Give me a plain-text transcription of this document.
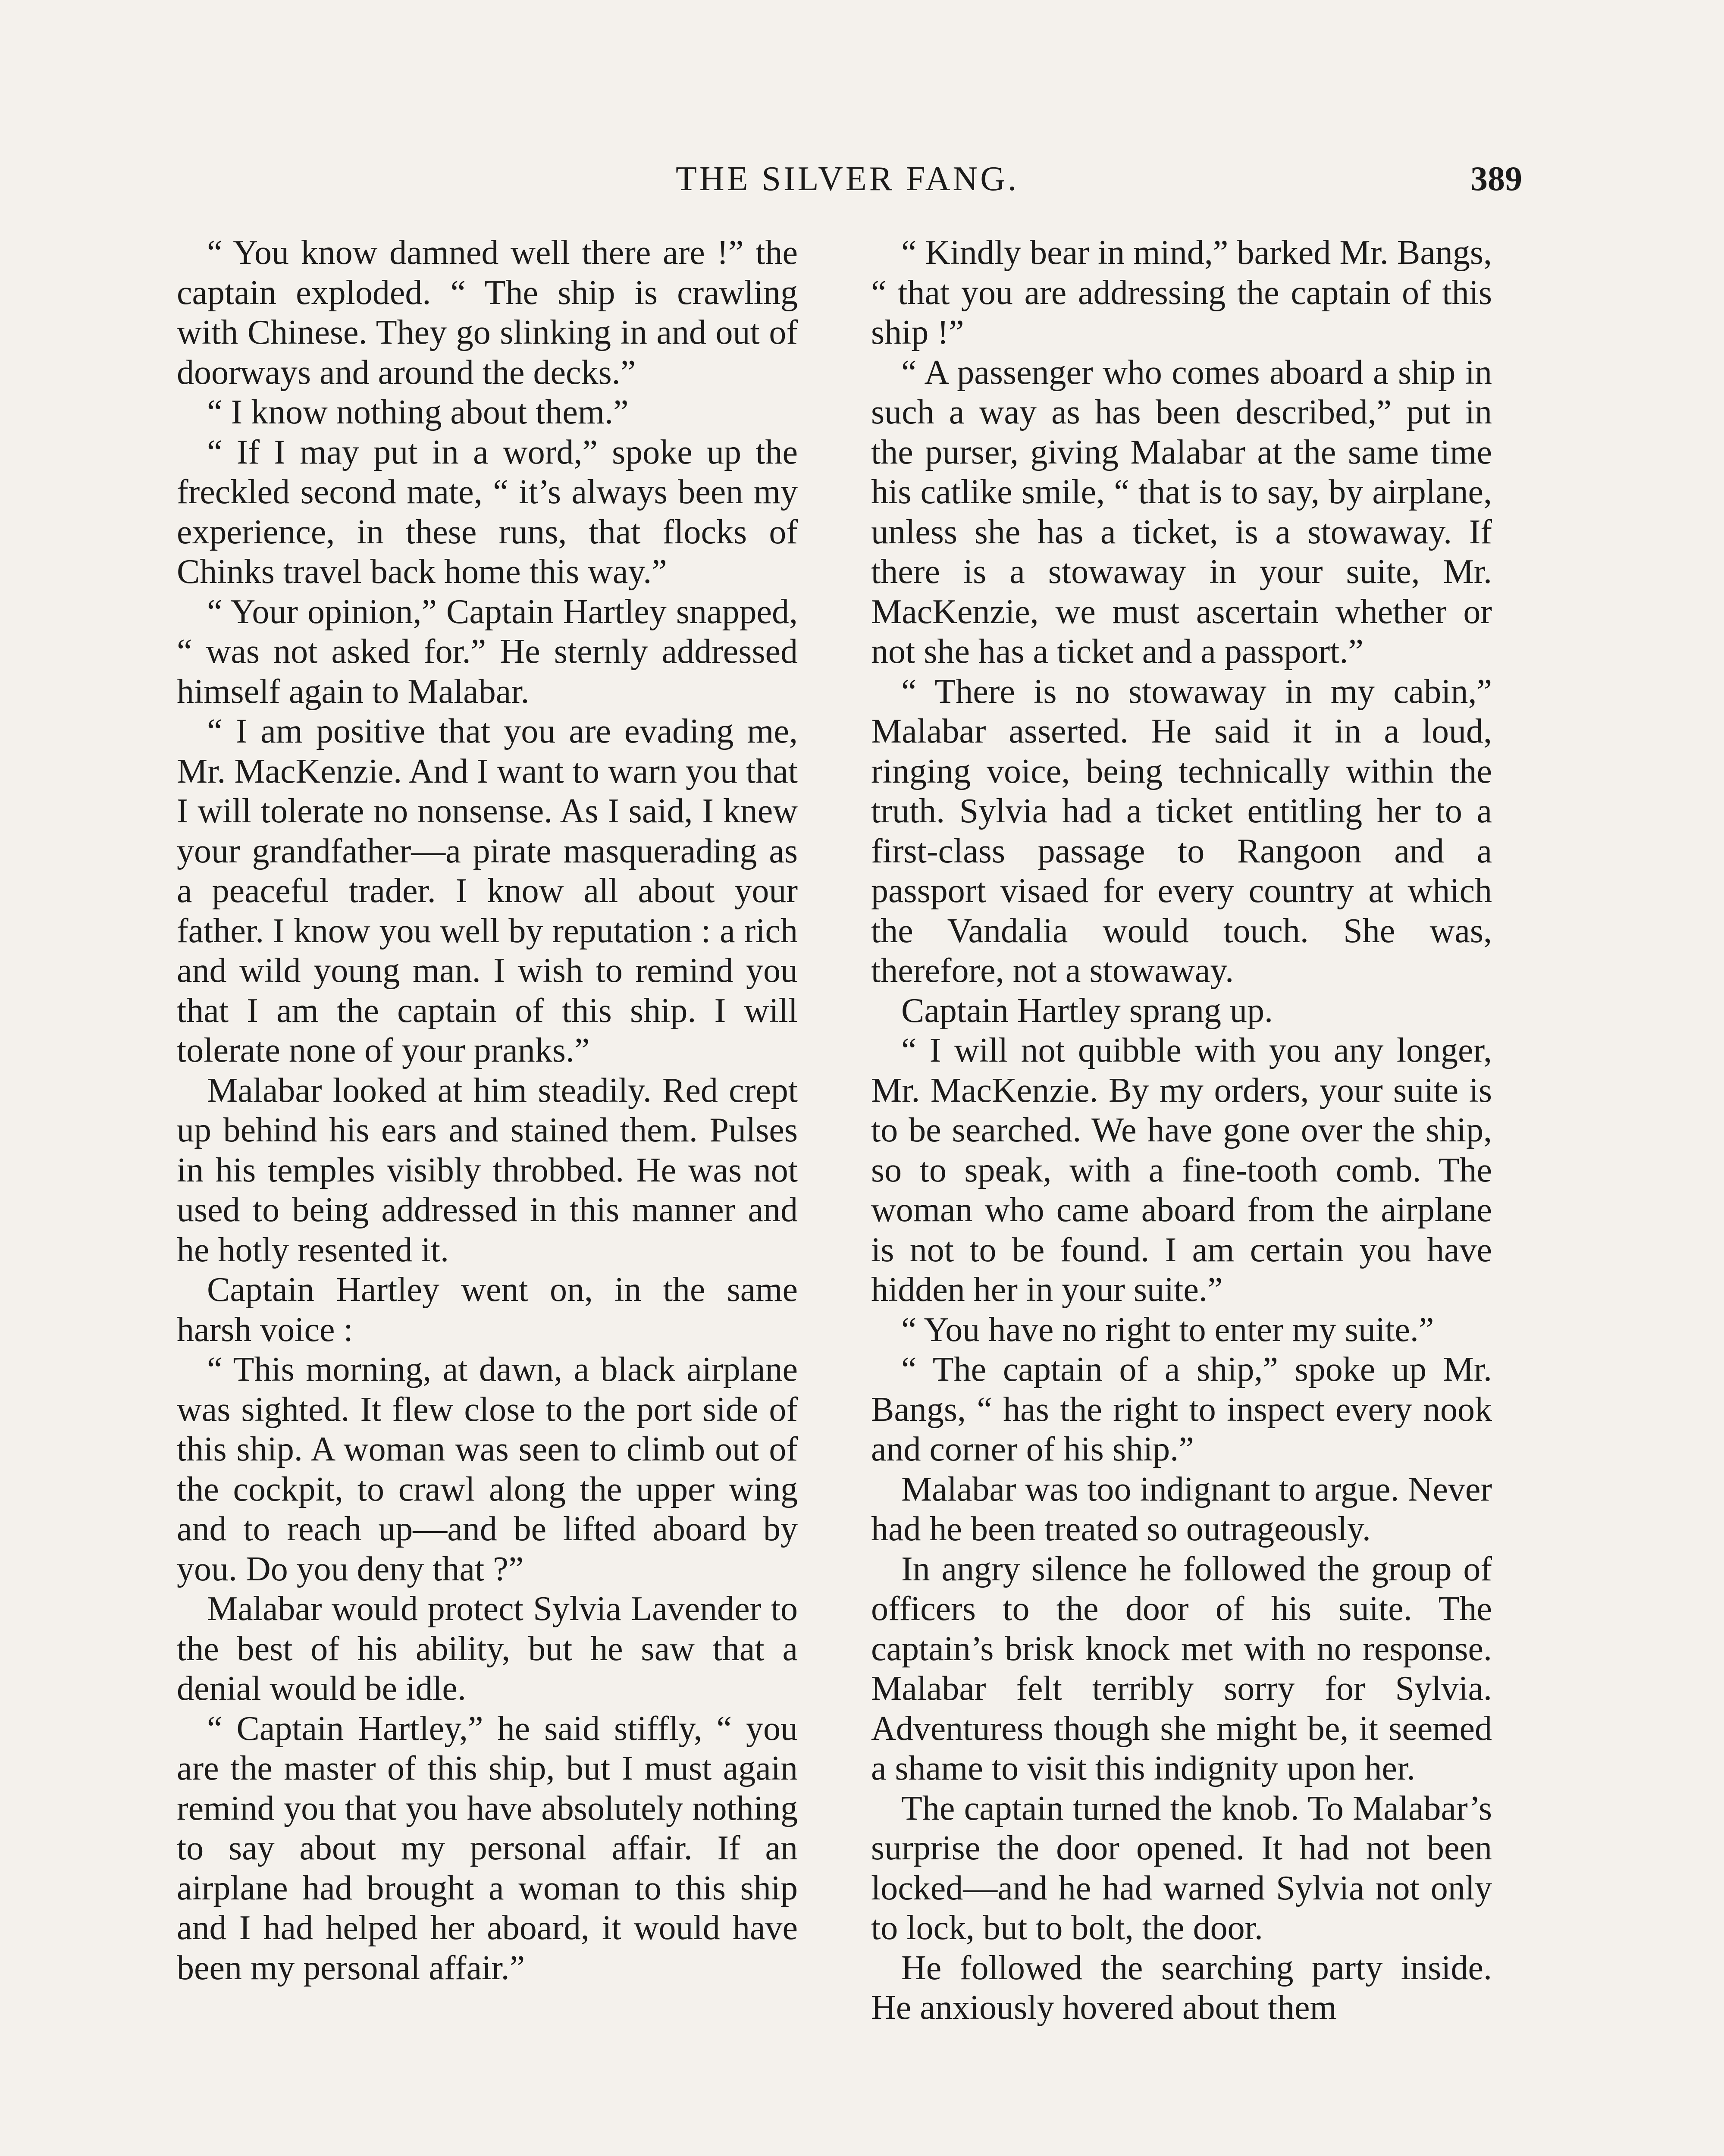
THE SILVER FANG.	389

“ You know damned well there are !” the captain exploded. “ The ship is crawling with Chinese. They go slinking in and out of doorways and around the decks.”

“ I know nothing about them.”

“ If I may put in a word,” spoke up the freckled second mate, “ it’s always been my experience, in these runs, that flocks of Chinks travel back home this way.”

“ Your opinion,” Captain Hartley snapped, “ was not asked for.” He sternly addressed himself again to Malabar.

“ I am positive that you are evading me, Mr. MacKenzie. And I want to warn you that I will tolerate no nonsense. As I said, I knew your grandfather—a pirate masquerading as a peaceful trader. I know all about your father. I know you well by reputation : a rich and wild young man. I wish to remind you that I am the captain of this ship. I will tolerate none of your pranks.”

Malabar looked at him steadily. Red crept up behind his ears and stained them. Pulses in his temples visibly throbbed. He was not used to being addressed in this manner and he hotly resented it.

Captain Hartley went on, in the same harsh voice :

“ This morning, at dawn, a black airplane was sighted. It flew close to the port side of this ship. A woman was seen to climb out of the cockpit, to crawl along the upper wing and to reach up—and be lifted aboard by you. Do you deny that ?”

Malabar would protect Sylvia Lavender to the best of his ability, but he saw that a denial would be idle.

“ Captain Hartley,” he said stiffly, “ you are the master of this ship, but I must again remind you that you have absolutely nothing to say about my personal affair. If an airplane had brought a woman to this ship and I had helped her aboard, it would have been my personal affair.”

“ Kindly bear in mind,” barked Mr. Bangs, “ that you are addressing the captain of this ship !”

“ A passenger who comes aboard a ship in such a way as has been described,” put in the purser, giving Malabar at the same time his catlike smile, “ that is to say, by airplane, unless she has a ticket, is a stowaway. If there is a stowaway in your suite, Mr. MacKenzie, we must ascertain whether or not she has a ticket and a passport.”

“ There is no stowaway in my cabin,” Malabar asserted. He said it in a loud, ringing voice, being technically within the truth. Sylvia had a ticket entitling her to a first-class passage to Rangoon and a passport visaed for every country at which the Vandalia would touch. She was, therefore, not a stowaway.

Captain Hartley sprang up.

“ I will not quibble with you any longer, Mr. MacKenzie. By my orders, your suite is to be searched. We have gone over the ship, so to speak, with a fine-tooth comb. The woman who came aboard from the airplane is not to be found. I am certain you have hidden her in your suite.”

“ You have no right to enter my suite.”

“ The captain of a ship,” spoke up Mr. Bangs, “ has the right to inspect every nook and corner of his ship.”

Malabar was too indignant to argue. Never had he been treated so outrageously.

In angry silence he followed the group of officers to the door of his suite. The captain’s brisk knock met with no response. Malabar felt terribly sorry for Sylvia. Adventuress though she might be, it seemed a shame to visit this indignity upon her.

The captain turned the knob. To Malabar’s surprise the door opened. It had not been locked—and he had warned Sylvia not only to lock, but to bolt, the door.

He followed the searching party inside. He anxiously hovered about them
